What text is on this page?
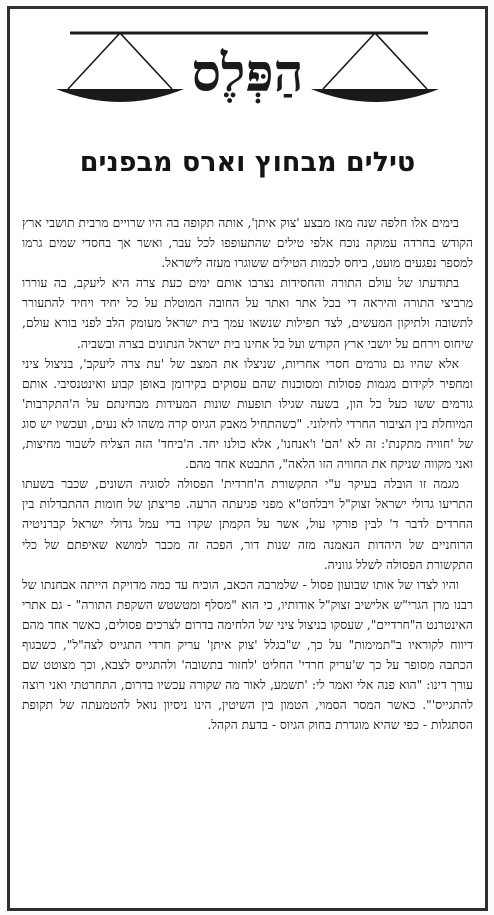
הַפְּלֶס
טילים מבחוץ וארס מבפנים

בימים אלו חלפה שנה מאז מבצע 'צוק איתן', אותה תקופה בה היו שרויים מרבית תושבי ארץ הקודש בחרדה עמוקה נוכח אלפי טילים שהתעופפו לכל עבר, ואשר אך בחסדי שמים גרמו למספר נפגעים מועט, ביחס לכמות הטילים ששוגרו מעזה לישראל.

בתודעתו של עולם התורה והחסידות נצרבו אותם ימים כעת צרה היא ליעקב, בה עוררו מרביצי התורה והיראה די בכל אתר ואתר על החובה המוטלת על כל יחיד ויחיד להתעורר לתשובה ולתיקון המעשים, לצד תפילות שנשאו עמך בית ישראל מעומק הלב לפני בורא עולם, שיחוס וירחם על יושבי ארץ הקודש ועל כל אחינו בית ישראל הנתונים בצרה ובשביה.

אלא שהיו גם גורמים חסרי אחריות, שניצלו את המצב של 'עת צרה ליעקב', בניצול ציני ומחפיר לקידום מגמות פסולות ומסוכנות שהם עסוקים בקידומן באופן קבוע ואינטנסיבי. אותם גורמים ששו כעל כל הון, בשעה שגילו תופעות שונות המעידות מבחינתם על ה'התקרבות' המיוחלת בין הציבור החרדי לחילוני. "כשהתחיל מאבק הגיוס קרה משהו לא נעים, ועכשיו יש סוג של 'חוויה מתקנת': זה לא 'הם' ו'אנחנו', אלא כולנו יחד. ה'ביחד' הזה הצליח לשבור מחיצות, ואני מקווה שניקח את החוויה הזו הלאה", התבטא אחד מהם.

מגמה זו הובלה בעיקר ע"י התקשורת ה'חרדית' הפסולה לסוגיה השונים, שכבר בשעתו התריעו גדולי ישראל זצוק"ל ויבלחט"א מפני פגיעתה הרעה. פריצתן של חומות ההתבדלות בין החרדים לדבר ד' לבין פורקי עול, אשר על הקמתן שקדו בדי עמל גדולי ישראל קברניטיה הרוחניים של היהדות הנאמנה מזה שנות דור, הפכה זה מכבר למושא שאיפתם של כלי התקשורת הפסולה לשלל גווניה.

והיו לצדו של אותו שבועון פסול - שלמרבה הכאב, הוכיח עד כמה מדויקת הייתה אבחנתו של רבנו מרן הגרי"ש אלישיב זצוק"ל אודותיו, כי הוא "מסלף ומטשטש השקפת התורה" - גם אתרי האינטרנט ה"חרדיים", שעסקו בניצול ציני של הלחימה בדרום לצרכים פסולים, כאשר אחד מהם דיווח לקוראיו ב"תמימות" על כך, ש"בגלל 'צוק איתן' עריק חרדי התגייס לצה"ל", כשבגוף הכתבה מסופר על כך ש'עריק חרדי' החליט 'לחזור בתשובה' ולהתגייס לצבא, וכך מצוטט שם עורך דינו: "הוא פנה אלי ואמר לי: 'תשמע, לאור מה שקורה עכשיו בדרום, התחרטתי ואני רוצה להתגייס'". כאשר המסר הסמוי, הטמון בין השיטין, הינו ניסיון נואל להטמעתה של תקופת הסתגלות - כפי שהיא מוגדרת בחוק הגיוס - בדעת הקהל.
